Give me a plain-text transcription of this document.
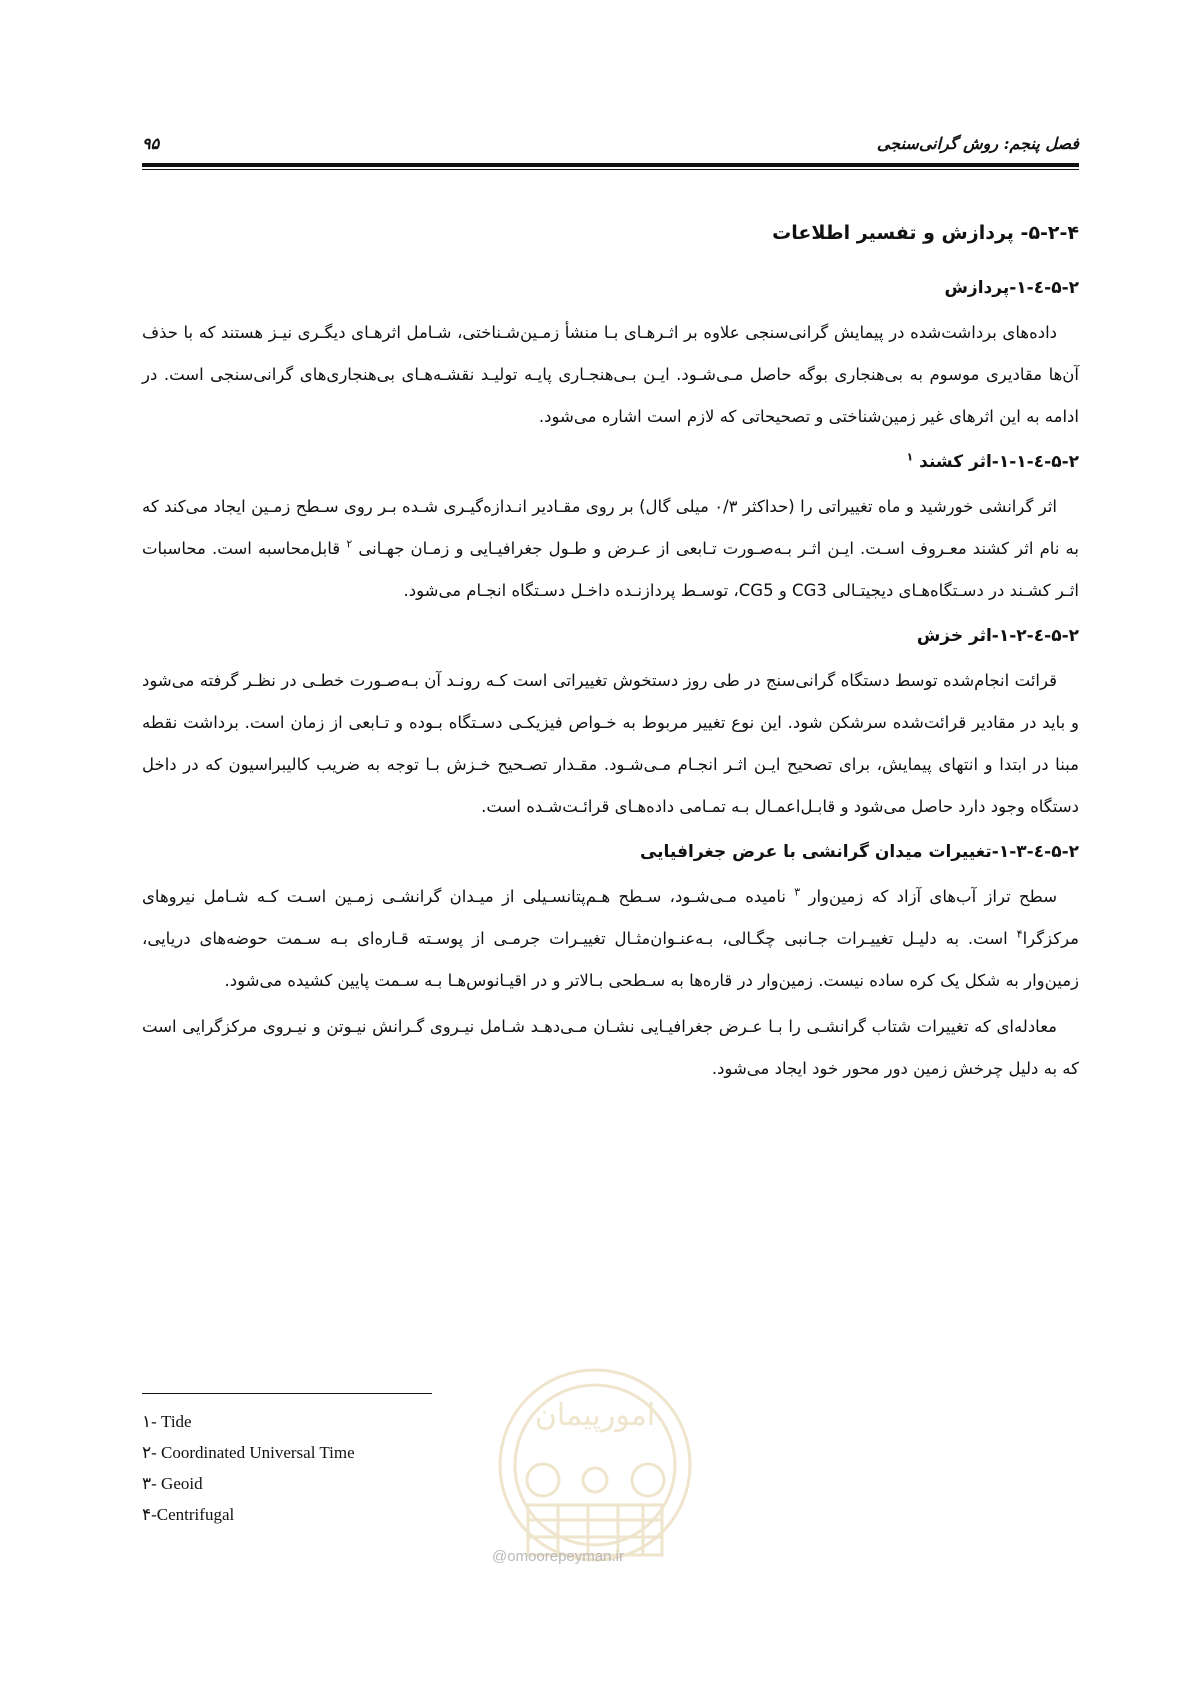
فصل پنجم: روش گرانی‌سنجی
۹۵
۵-۲-۴- پردازش و تفسیر اطلاعات
۵-۲-٤-۱-پردازش

داده‌های برداشت‌شده در پیمایش گرانی‌سنجی علاوه بر اثـرهـای بـا منشأ زمـین‌شـناختی، شـامل اثرهـای دیگـری نیـز هستند که با حذف آن‌ها مقادیری موسوم به بی‌هنجاری بوگه حاصل مـی‌شـود. ایـن بـی‌هنجـاری پایـه تولیـد نقشـه‌هـای بی‌هنجاری‌های گرانی‌سنجی است. در ادامه به این اثرهای غیر زمین‌شناختی و تصحیحاتی که لازم است اشاره می‌شود.

۵-۲-٤-۱-۱-اثر کشند $^۱$

اثر گرانشی خورشید و ماه تغییراتی را (حداکثر ۰/۳ میلی گال) بر روی مقـادیر انـدازه‌گیـری شـده بـر روی سـطح زمـین ایجاد می‌کند که به نام اثر کشند معـروف اسـت. ایـن اثـر بـه‌صـورت تـابعی از عـرض و طـول جغرافیـایی و زمـان جهـانی $^۲$ قابل‌محاسبه است. محاسبات اثـر کشـند در دسـتگاه‌هـای دیجیتـالی CG3 و CG5، توسـط پردازنـده داخـل دسـتگاه انجـام می‌شود.

۵-۲-٤-۱-۲-اثر خزش

قرائت انجام‌شده توسط دستگاه گرانی‌سنج در طی روز دستخوش تغییراتی است کـه رونـد آن بـه‌صـورت خطـی در نظـر گرفته می‌شود و باید در مقادیر قرائت‌شده سرشکن شود. این نوع تغییر مربوط به خـواص فیزیکـی دسـتگاه بـوده و تـابعی از زمان است. برداشت نقطه مبنا در ابتدا و انتهای پیمایش، برای تصحیح ایـن اثـر انجـام مـی‌شـود. مقـدار تصـحیح خـزش بـا توجه به ضریب کالیبراسیون که در داخل دستگاه وجود دارد حاصل می‌شود و قابـل‌اعمـال بـه تمـامی داده‌هـای قرائـت‌شـده است.

۵-۲-٤-۱-۳-تغییرات میدان گرانشی با عرض جغرافیایی

سطح تراز آب‌های آزاد که زمین‌وار $^۳$ نامیده مـی‌شـود، سـطح هـم‌پتانسـیلی از میـدان گرانشـی زمـین اسـت کـه شـامل نیروهای مرکزگرا$^۴$ است. به دلیـل تغییـرات جـانبی چگـالی، بـه‌عنـوان‌مثـال تغییـرات جرمـی از پوسـته قـاره‌ای بـه سـمت حوضه‌های دریایی، زمین‌وار به شکل یک کره ساده نیست. زمین‌وار در قاره‌ها به سـطحی بـالاتر و در اقیـانوس‌هـا بـه سـمت پایین کشیده می‌شود.

معادله‌ای که تغییرات شتاب گرانشـی را بـا عـرض جغرافیـایی نشـان مـی‌دهـد شـامل نیـروی گـرانش نیـوتن و نیـروی مرکزگرایی است که به دلیل چرخش زمین دور محور خود ایجاد می‌شود.

امورپیمان
@omoorepeyman.ir
۱- Tide
۲- Coordinated Universal Time
۳- Geoid
۴-Centrifugal
